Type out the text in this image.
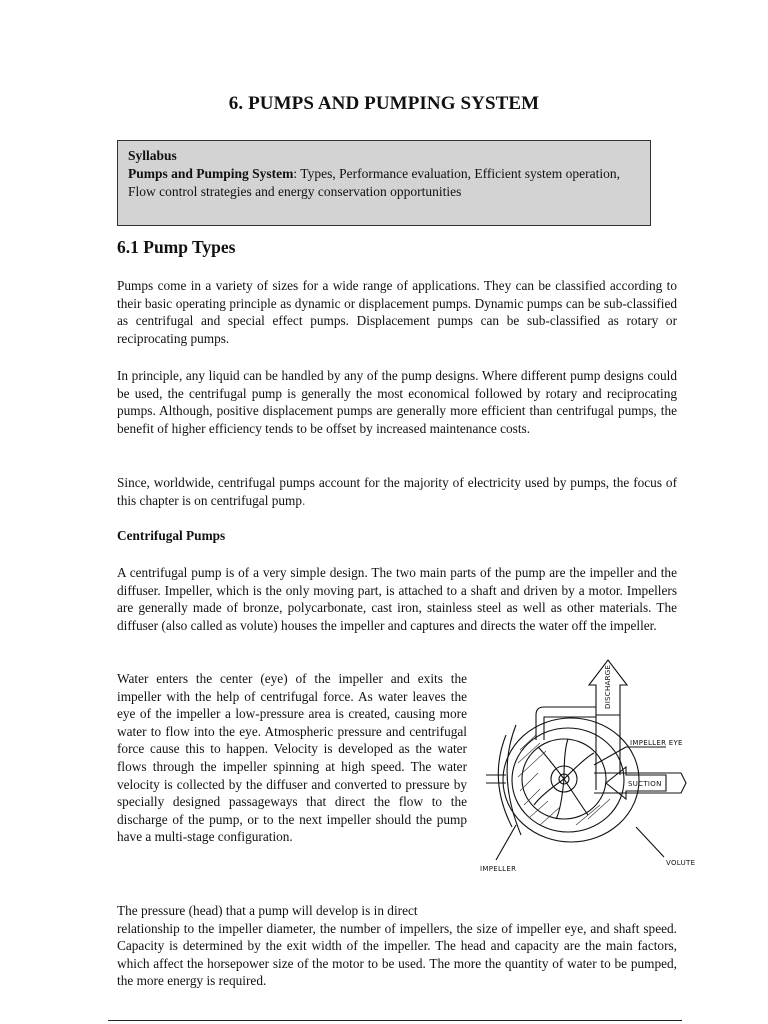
6. PUMPS AND PUMPING SYSTEM
Syllabus
Pumps and Pumping System: Types, Performance evaluation, Efficient system operation, Flow control strategies and energy conservation opportunities
6.1 Pump Types

Pumps come in a variety of sizes for a wide range of applications. They can be classified according to their basic operating principle as dynamic or displacement pumps. Dynamic pumps can be sub-classified as centrifugal and special effect pumps. Displacement pumps can be sub-classified as rotary or reciprocating pumps.

In principle, any liquid can be handled by any of the pump designs. Where different pump designs could be used, the centrifugal pump is generally the most economical followed by rotary and reciprocating pumps. Although, positive displacement pumps are generally more efficient than centrifugal pumps, the benefit of higher efficiency tends to be offset by increased maintenance costs.

Since, worldwide, centrifugal pumps account for the majority of electricity used by pumps, the focus of this chapter is on centrifugal pump.

Centrifugal Pumps

A centrifugal pump is of a very simple design. The two main parts of the pump are the impeller and the diffuser. Impeller, which is the only moving part, is attached to a shaft and driven by a motor. Impellers are generally made of bronze, polycarbonate, cast iron, stainless steel as well as other materials. The diffuser (also called as volute) houses the impeller and captures and directs the water off the impeller.

Water enters the center (eye) of the impeller and exits the impeller with the help of centrifugal force. As water leaves the eye of the impeller a low-pressure area is created, causing more water to flow into the eye. Atmospheric pressure and centrifugal force cause this to happen. Velocity is developed as the water flows through the impeller spinning at high speed. The water velocity is collected by the diffuser and converted to pressure by specially designed passageways that direct the flow to the discharge of the pump, or to the next impeller should the pump have a multi-stage configuration.

The pressure (head) that a pump will develop is in direct
relationship to the impeller diameter, the number of impellers, the size of impeller eye, and shaft speed. Capacity is determined by the exit width of the impeller. The head and capacity are the main factors, which affect the horsepower size of the motor to be used. The more the quantity of water to be pumped, the more energy is required.

DISCHARGE
IMPELLER EYE
SUCTION
VOLUTE
IMPELLER
